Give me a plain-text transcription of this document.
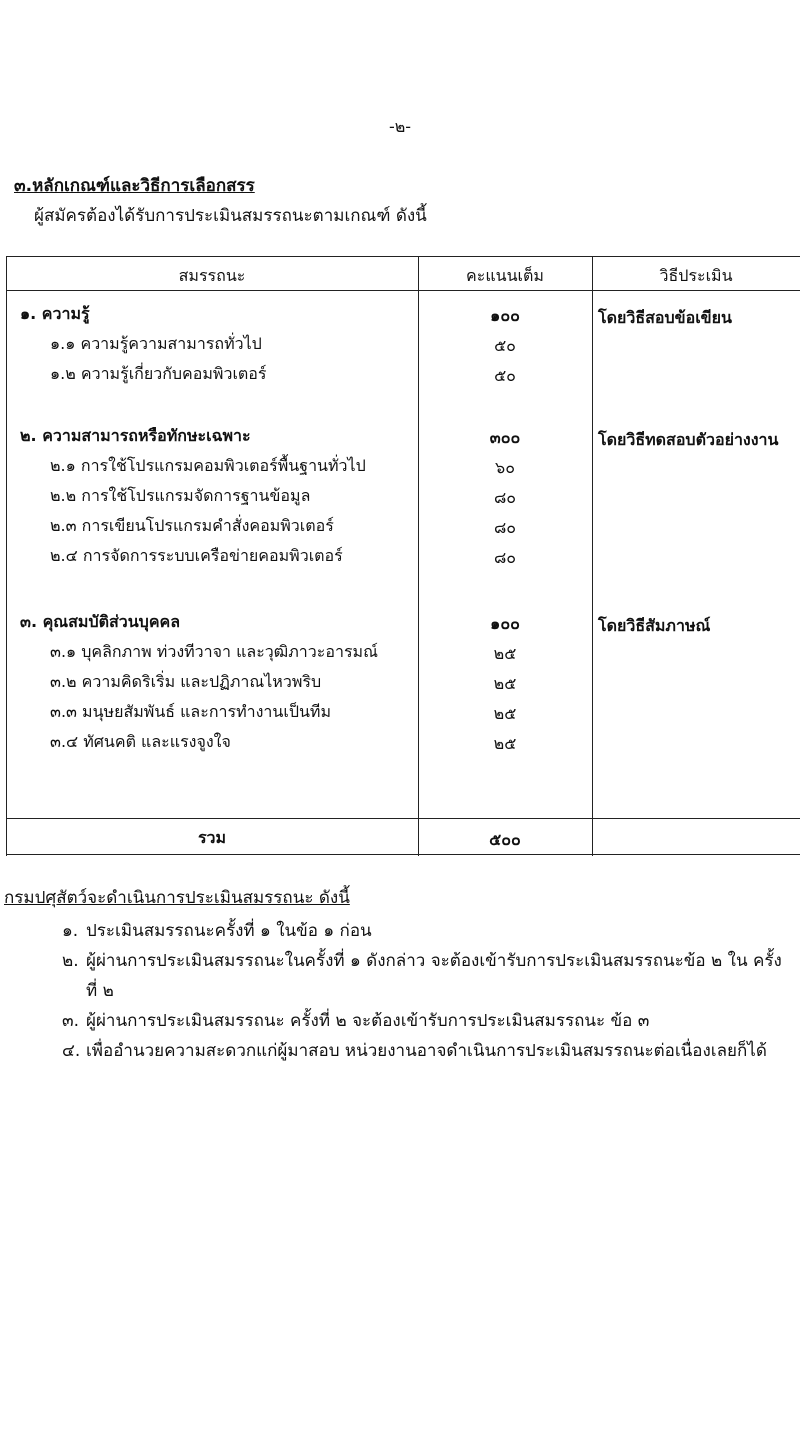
-๒-
๓.หลักเกณฑ์และวิธีการเลือกสรร
ผู้สมัครต้องได้รับการประเมินสมรรถนะตามเกณฑ์ ดังนี้
สมรรถนะ	คะแนนเต็ม	วิธีประเมิน
๑. ความรู้	๑๐๐	โดยวิธีสอบข้อเขียน
๑.๑ ความรู้ความสามารถทั่วไป	๕๐
๑.๒ ความรู้เกี่ยวกับคอมพิวเตอร์	๕๐
๒. ความสามารถหรือทักษะเฉพาะ	๓๐๐	โดยวิธีทดสอบตัวอย่างงาน
๒.๑ การใช้โปรแกรมคอมพิวเตอร์พื้นฐานทั่วไป	๖๐
๒.๒ การใช้โปรแกรมจัดการฐานข้อมูล	๘๐
๒.๓ การเขียนโปรแกรมคำสั่งคอมพิวเตอร์	๘๐
๒.๔ การจัดการระบบเครือข่ายคอมพิวเตอร์	๘๐
๓. คุณสมบัติส่วนบุคคล	๑๐๐	โดยวิธีสัมภาษณ์
๓.๑ บุคลิกภาพ ท่วงทีวาจา และวุฒิภาวะอารมณ์	๒๕
๓.๒ ความคิดริเริ่ม และปฏิภาณไหวพริบ	๒๕
๓.๓ มนุษยสัมพันธ์ และการทำงานเป็นทีม	๒๕
๓.๔ ทัศนคติ และแรงจูงใจ	๒๕
รวม	๕๐๐
กรมปศุสัตว์จะดำเนินการประเมินสมรรถนะ ดังนี้
๑. ประเมินสมรรถนะครั้งที่ ๑ ในข้อ ๑ ก่อน
๒. ผู้ผ่านการประเมินสมรรถนะในครั้งที่ ๑ ดังกล่าว จะต้องเข้ารับการประเมินสมรรถนะข้อ ๒ ใน ครั้งที่ ๒
๓. ผู้ผ่านการประเมินสมรรถนะ ครั้งที่ ๒ จะต้องเข้ารับการประเมินสมรรถนะ ข้อ ๓
๔. เพื่ออำนวยความสะดวกแก่ผู้มาสอบ หน่วยงานอาจดำเนินการประเมินสมรรถนะต่อเนื่องเลยก็ได้
